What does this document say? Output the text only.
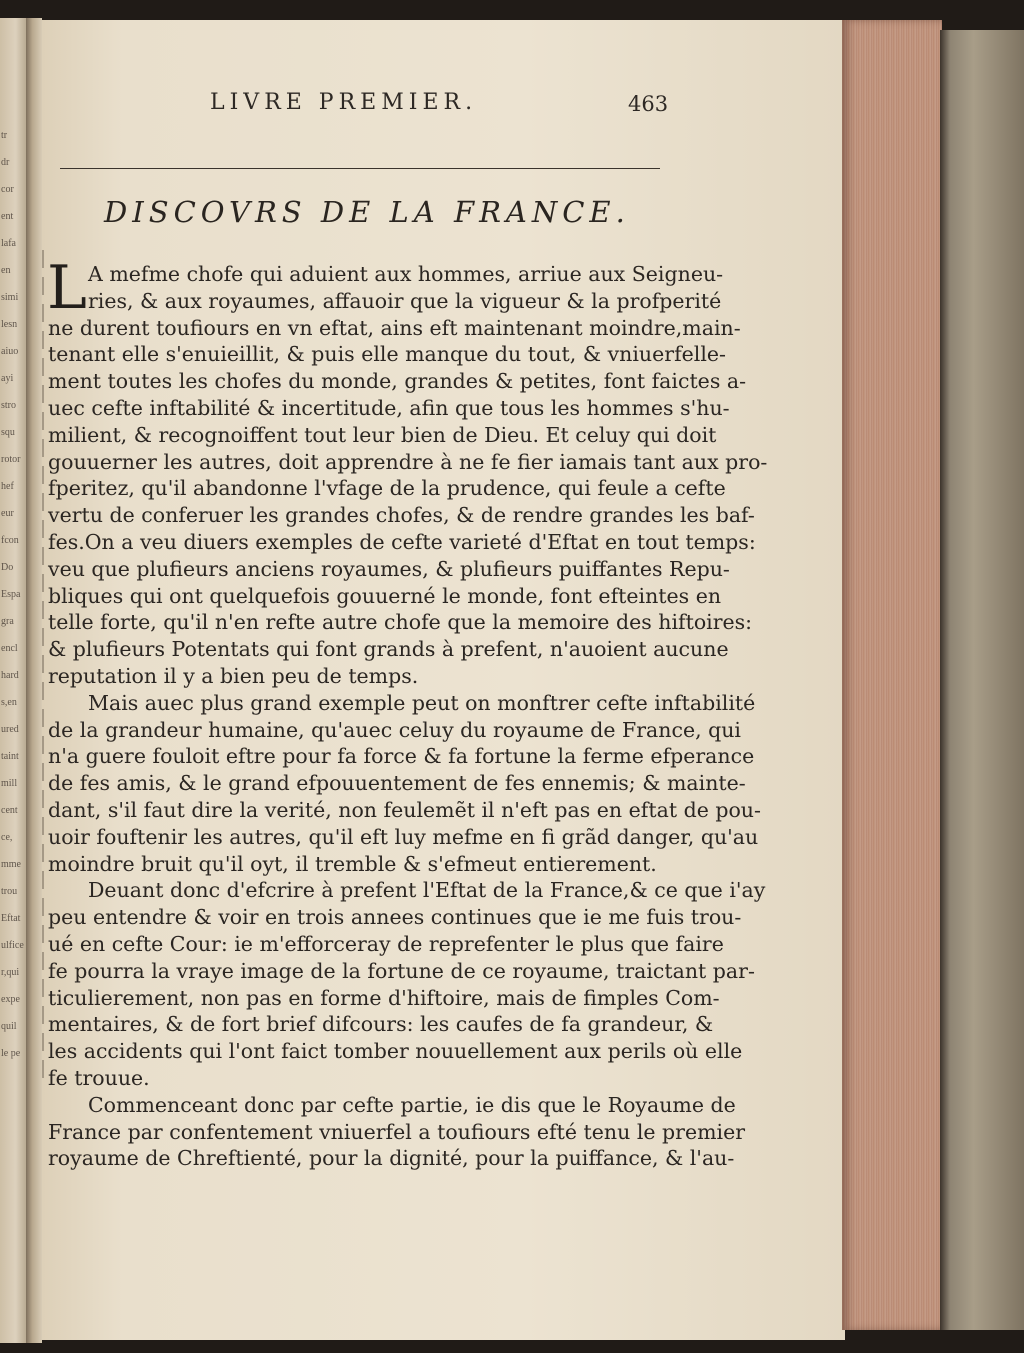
tr
dr
cor
ent
lafa
en
simi
lesn
aiuo
ayi
stro
squ
rotor
hef
eur
fcon
Do
Espa
gra
encl
hard
s,en
ured
taint
mill
cent
ce,
mme
trou
Eftat
ulfice
r,qui
expe
quil
le pe
LIVRE PREMIER.	463
DISCOVRS DE LA FRANCE.
L A mefme chofe qui aduient aux hommes, arriue aux Seigneu-
ries, & aux royaumes, affauoir que la vigueur & la profperité
ne durent toufiours en vn eftat, ains eft maintenant moindre,main-
tenant elle s'enuieillit, & puis elle manque du tout, & vniuerfelle-
ment toutes les chofes du monde, grandes & petites, font faictes a-
uec cefte inftabilité & incertitude, afin que tous les hommes s'hu-
milient, & recognoiffent tout leur bien de Dieu. Et celuy qui doit
gouuerner les autres, doit apprendre à ne fe fier iamais tant aux pro-
fperitez, qu'il abandonne l'vfage de la prudence, qui feule a cefte
vertu de conferuer les grandes chofes, & de rendre grandes les baf-
fes.On a veu diuers exemples de cefte varieté d'Eftat en tout temps:
veu que plufieurs anciens royaumes, & plufieurs puiffantes Repu-
bliques qui ont quelquefois gouuerné le monde, font efteintes en
telle forte, qu'il n'en refte autre chofe que la memoire des hiftoires:
& plufieurs Potentats qui font grands à prefent, n'auoient aucune
reputation il y a bien peu de temps.
Mais auec plus grand exemple peut on monftrer cefte inftabilité
de la grandeur humaine, qu'auec celuy du royaume de France, qui
n'a guere fouloit eftre pour fa force & fa fortune la ferme efperance
de fes amis, & le grand efpouuentement de fes ennemis; & mainte-
dant, s'il faut dire la verité, non feulemẽt il n'eft pas en eftat de pou-
uoir fouftenir les autres, qu'il eft luy mefme en fi grãd danger, qu'au
moindre bruit qu'il oyt, il tremble & s'efmeut entierement.
Deuant donc d'efcrire à prefent l'Eftat de la France,& ce que i'ay
peu entendre & voir en trois annees continues que ie me fuis trou-
ué en cefte Cour: ie m'efforceray de reprefenter le plus que faire
fe pourra la vraye image de la fortune de ce royaume, traictant par-
ticulierement, non pas en forme d'hiftoire, mais de fimples Com-
mentaires, & de fort brief difcours: les caufes de fa grandeur, &
les accidents qui l'ont faict tomber nouuellement aux perils où elle
fe trouue.
Commenceant donc par cefte partie, ie dis que le Royaume de
France par confentement vniuerfel a toufiours efté tenu le premier
royaume de Chreftienté, pour la dignité, pour la puiffance, & l'au-
